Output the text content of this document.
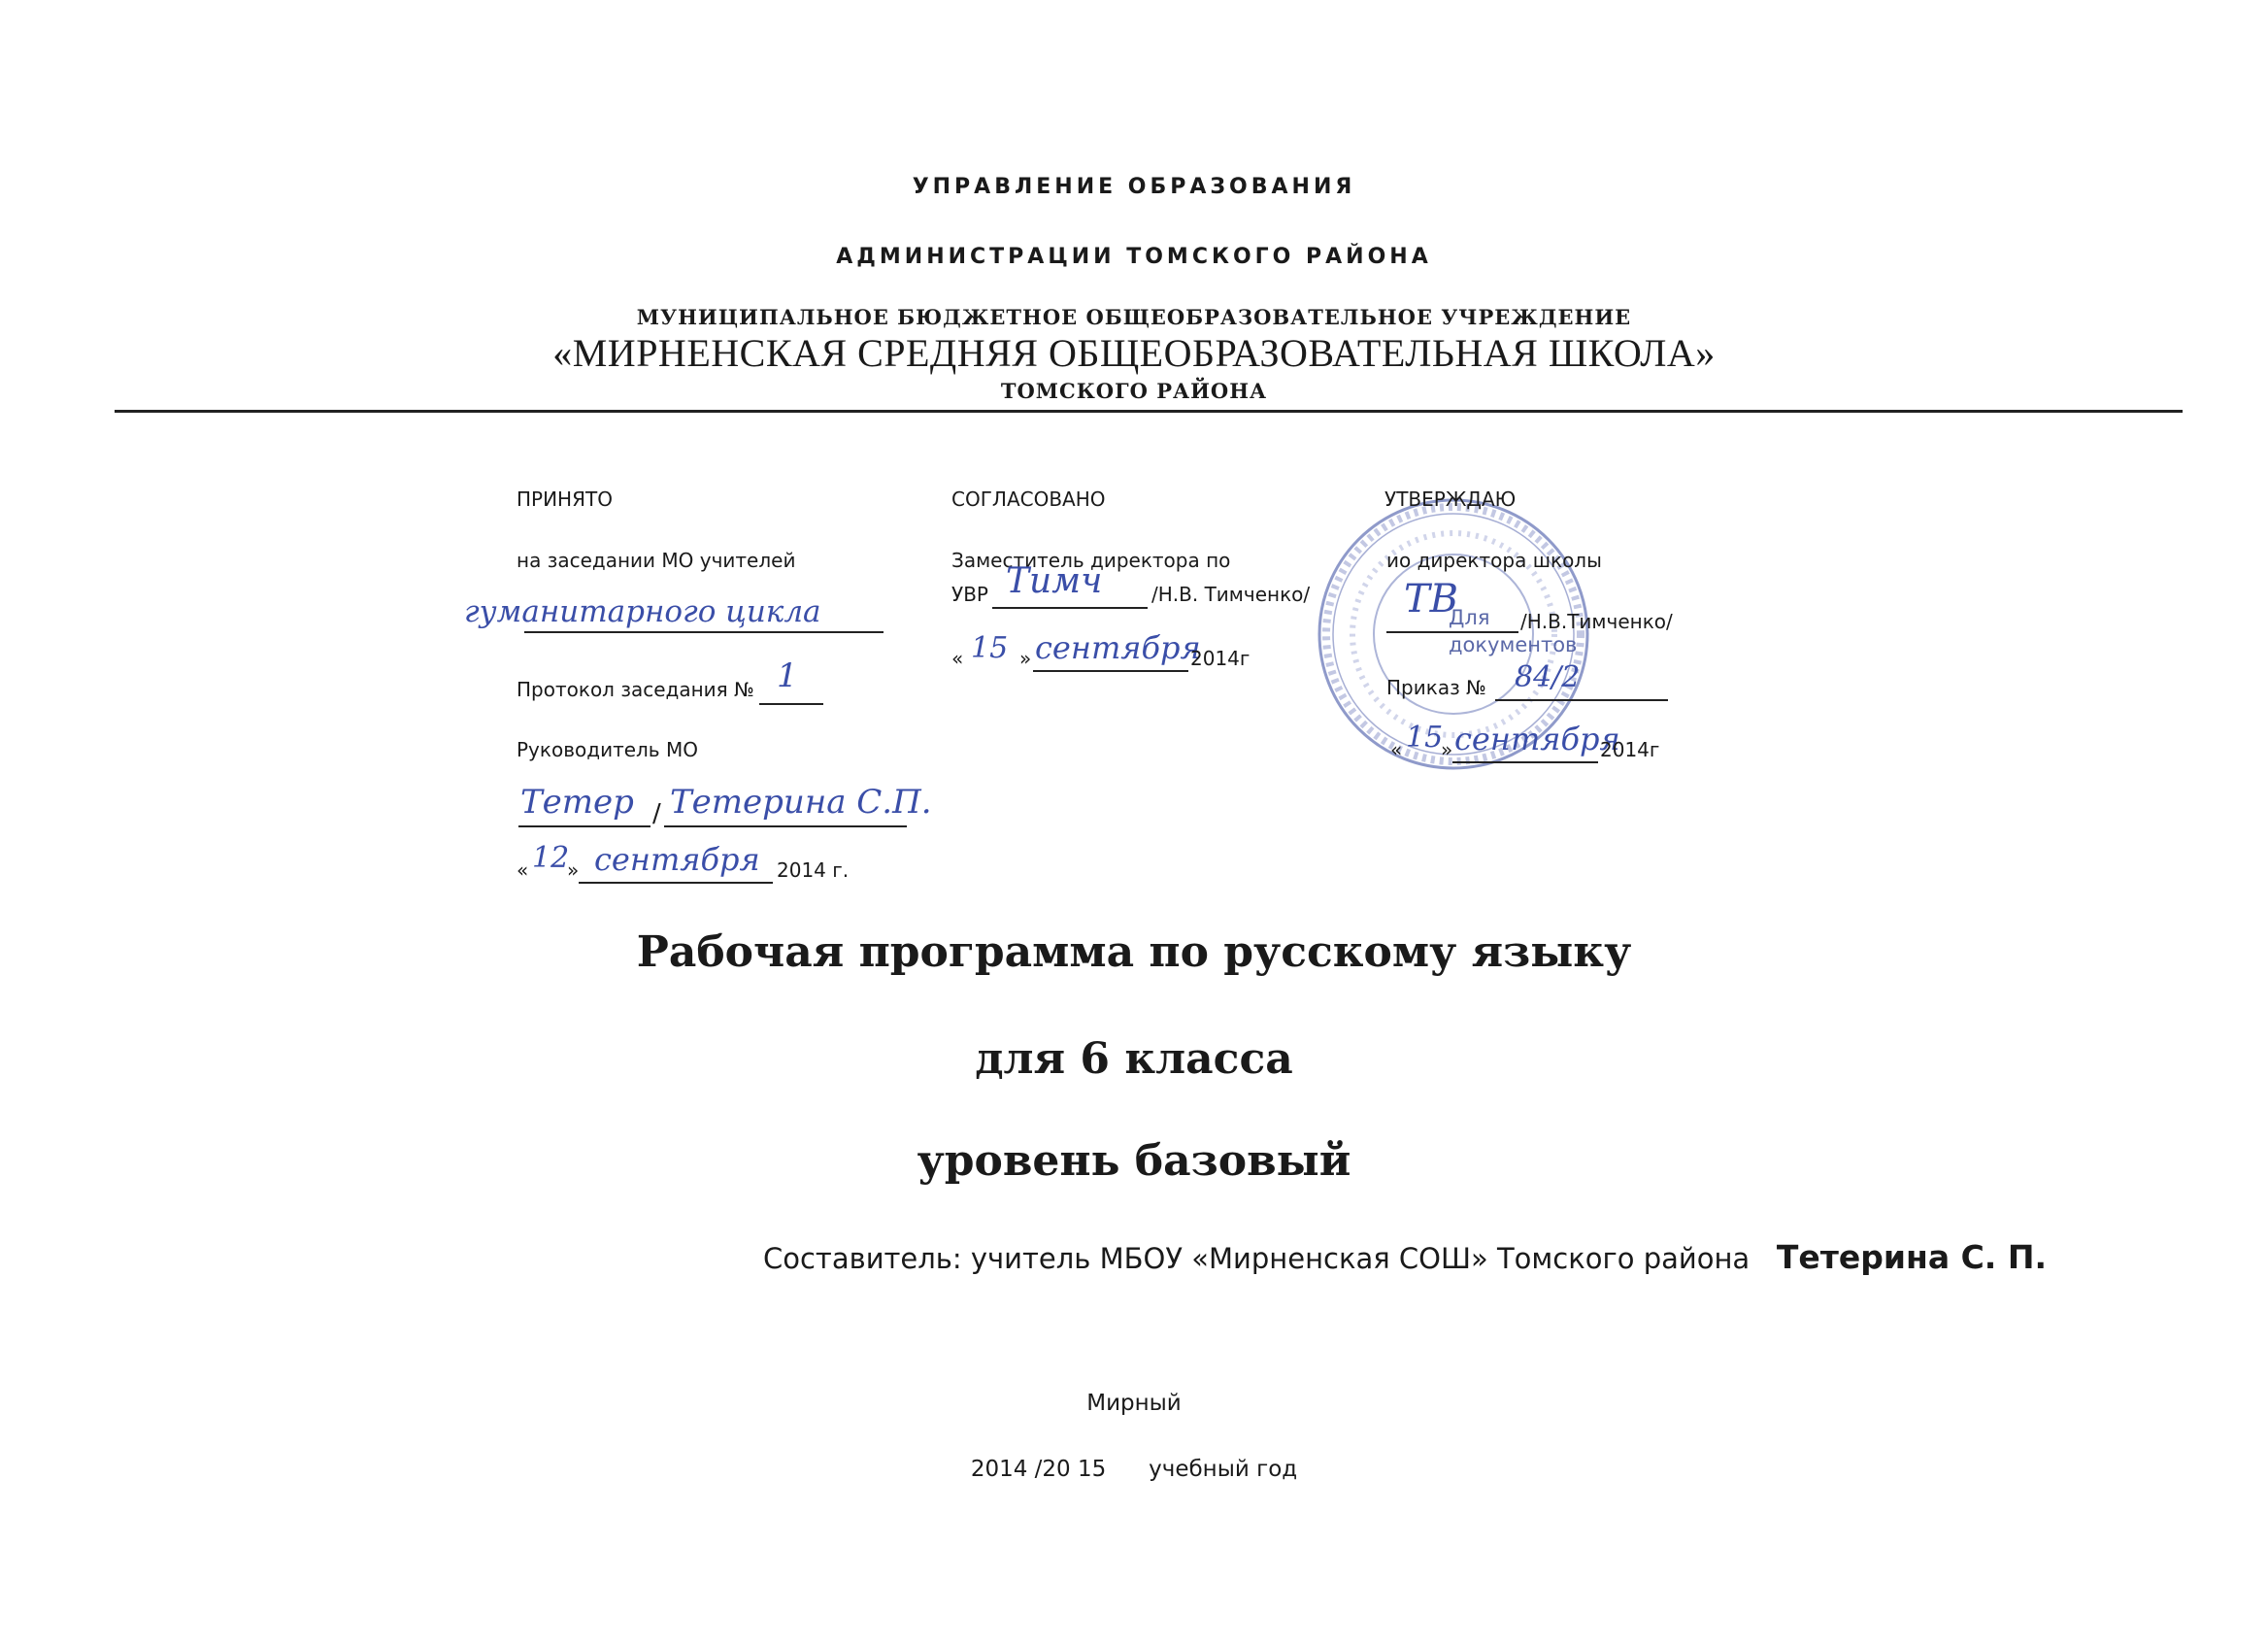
УПРАВЛЕНИЕ ОБРАЗОВАНИЯ
АДМИНИСТРАЦИИ ТОМСКОГО РАЙОНА
МУНИЦИПАЛЬНОЕ БЮДЖЕТНОЕ ОБЩЕОБРАЗОВАТЕЛЬНОЕ УЧРЕЖДЕНИЕ
«МИРНЕНСКАЯ СРЕДНЯЯ ОБЩЕОБРАЗОВАТЕЛЬНАЯ ШКОЛА»
ТОМСКОГО РАЙОНА
ПРИНЯТО
на заседании МО учителей
гуманитарного цикла
Протокол заседания № 1
Руководитель МО
Тетер / Тетерина С.П.
« 12
» сентября 2014 г.
СОГЛАСОВАНО
Заместитель директора по
УВР Тимч	/Н.В. Тимченко/
« 15 » сентября
2014г
Для документов
УТВЕРЖДАЮ
ио директора школы
ТВ	/Н.В.Тимченко/
Приказ № 84/2
« 15
» сентября
2014г
Рабочая программа по русскому языку
для 6 класса
уровень базовый
Составитель: учитель МБОУ «Мирненская СОШ» Томского района Тетерина С. П.
Мирный
2014 /20 15      учебный год
